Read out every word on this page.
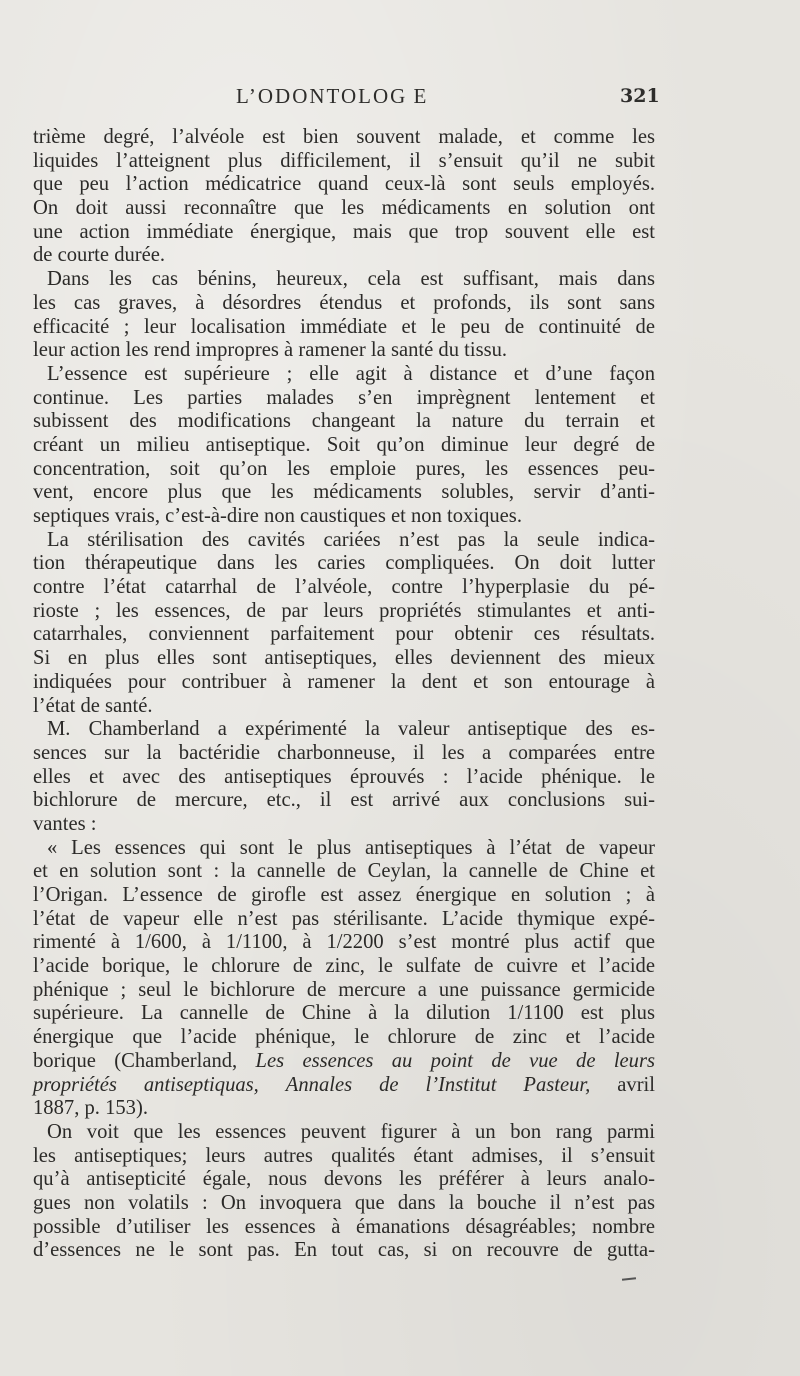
L’ODONTOLOG E	321
trième degré, l’alvéole est bien souvent malade, et comme les
liquides l’atteignent plus difficilement, il s’ensuit qu’il ne subit
que peu l’action médicatrice quand ceux-là sont seuls employés.
On doit aussi reconnaître que les médicaments en solution ont
une action immédiate énergique, mais que trop souvent elle est
de courte durée.
Dans les cas bénins, heureux, cela est suffisant, mais dans
les cas graves, à désordres étendus et profonds, ils sont sans
efficacité ; leur localisation immédiate et le peu de continuité de
leur action les rend impropres à ramener la santé du tissu.
L’essence est supérieure ; elle agit à distance et d’une façon
continue. Les parties malades s’en imprègnent lentement et
subissent des modifications changeant la nature du terrain et
créant un milieu antiseptique. Soit qu’on diminue leur degré de
concentration, soit qu’on les emploie pures, les essences peu-
vent, encore plus que les médicaments solubles, servir d’anti-
septiques vrais, c’est-à-dire non caustiques et non toxiques.
La stérilisation des cavités cariées n’est pas la seule indica-
tion thérapeutique dans les caries compliquées. On doit lutter
contre l’état catarrhal de l’alvéole, contre l’hyperplasie du pé-
rioste ; les essences, de par leurs propriétés stimulantes et anti-
catarrhales, conviennent parfaitement pour obtenir ces résultats.
Si en plus elles sont antiseptiques, elles deviennent des mieux
indiquées pour contribuer à ramener la dent et son entourage à
l’état de santé.
M. Chamberland a expérimenté la valeur antiseptique des es-
sences sur la bactéridie charbonneuse, il les a comparées entre
elles et avec des antiseptiques éprouvés : l’acide phénique. le
bichlorure de mercure, etc., il est arrivé aux conclusions sui-
vantes :
« Les essences qui sont le plus antiseptiques à l’état de vapeur
et en solution sont : la cannelle de Ceylan, la cannelle de Chine et
l’Origan. L’essence de girofle est assez énergique en solution ; à
l’état de vapeur elle n’est pas stérilisante. L’acide thymique expé-
rimenté à 1/600, à 1/1100, à 1/2200 s’est montré plus actif que
l’acide borique, le chlorure de zinc, le sulfate de cuivre et l’acide
phénique ; seul le bichlorure de mercure a une puissance germicide
supérieure. La cannelle de Chine à la dilution 1/1100 est plus
énergique que l’acide phénique, le chlorure de zinc et l’acide
borique (Chamberland, Les essences au point de vue de leurs
propriétés antiseptiquas, Annales de l’Institut Pasteur, avril
1887, p. 153).
On voit que les essences peuvent figurer à un bon rang parmi
les antiseptiques; leurs autres qualités étant admises, il s’ensuit
qu’à antisepticité égale, nous devons les préférer à leurs analo-
gues non volatils : On invoquera que dans la bouche il n’est pas
possible d’utiliser les essences à émanations désagréables; nombre
d’essences ne le sont pas. En tout cas, si on recouvre de gutta-
